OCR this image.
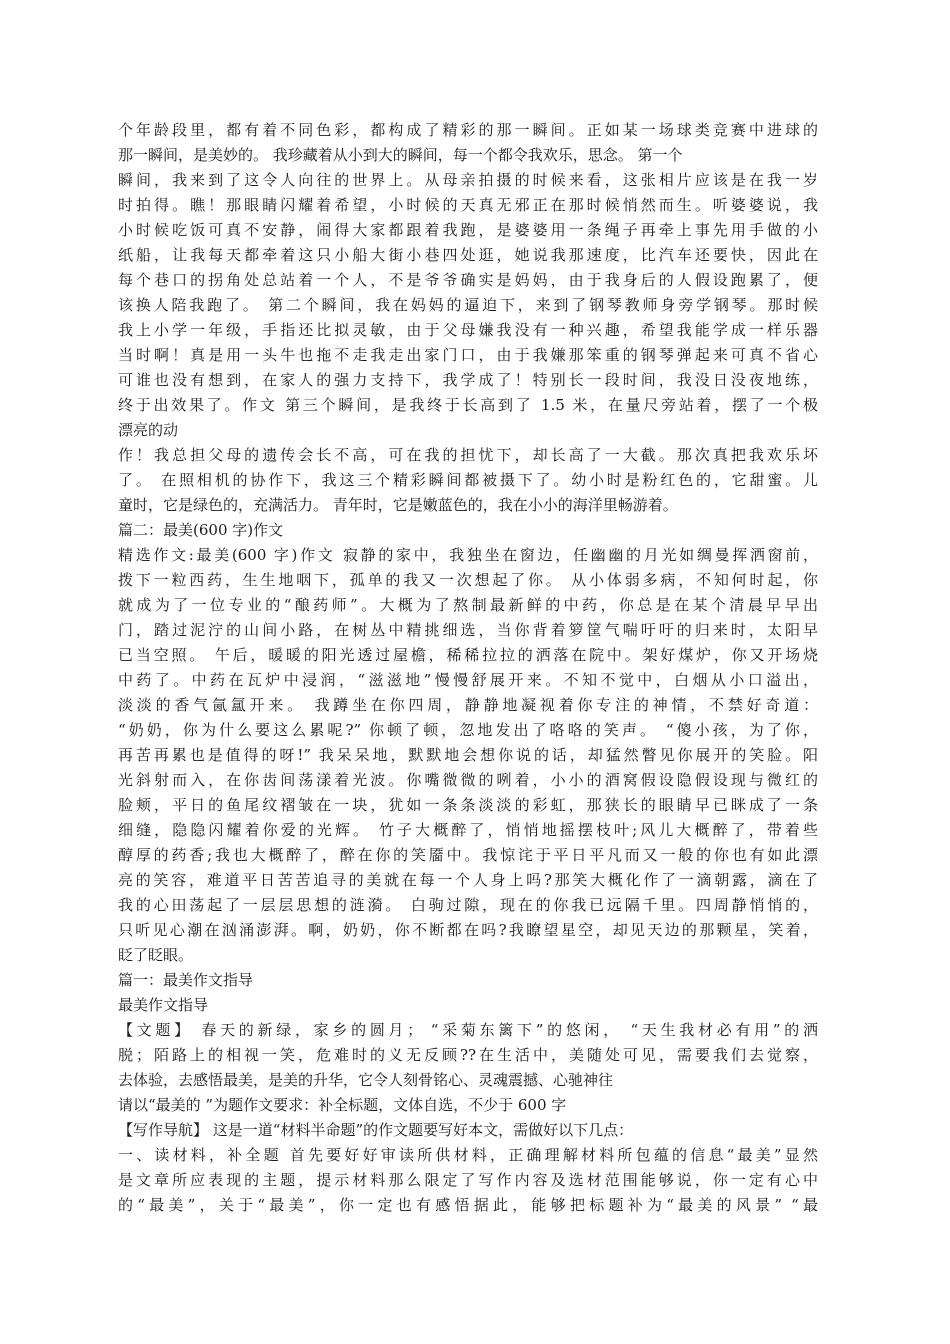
个年龄段里，都有着不同色彩，都构成了精彩的那一瞬间。正如某一场球类竞赛中进球的
那一瞬间，是美妙的。 我珍藏着从小到大的瞬间，每一个都令我欢乐，思念。 第一个
瞬间，我来到了这令人向往的世界上。从母亲拍摄的时候来看，这张相片应该是在我一岁
时拍得。瞧！那眼睛闪耀着希望，小时候的天真无邪正在那时候悄然而生。听婆婆说，我
小时候吃饭可真不安静，闹得大家都跟着我跑，是婆婆用一条绳子再牵上事先用手做的小
纸船，让我每天都牵着这只小船大街小巷四处逛，她说我那速度，比汽车还要快，因此在
每个巷口的拐角处总站着一个人，不是爷爷确实是妈妈，由于我身后的人假设跑累了，便
该换人陪我跑了。 第二个瞬间，我在妈妈的逼迫下，来到了钢琴教师身旁学钢琴。那时候
我上小学一年级，手指还比拟灵敏，由于父母嫌我没有一种兴趣，希望我能学成一样乐器
当时啊！真是用一头牛也拖不走我走出家门口，由于我嫌那笨重的钢琴弹起来可真不省心
可谁也没有想到，在家人的强力支持下，我学成了！特别长一段时间，我没日没夜地练，
终于出效果了。作文 第三个瞬间，是我终于长高到了 1.5 米，在量尺旁站着，摆了一个极
漂亮的动
作！我总担父母的遗传会长不高，可在我的担忧下，却长高了一大截。那次真把我欢乐坏
了。 在照相机的协作下，我这三个精彩瞬间都被摄下了。幼小时是粉红色的，它甜蜜。儿
童时，它是绿色的，充满活力。 青年时，它是嫩蓝色的，我在小小的海洋里畅游着。
篇二：最美(600 字)作文
精选作文:最美(600 字)作文 寂静的家中，我独坐在窗边，任幽幽的月光如绸曼挥洒窗前，
拨下一粒西药，生生地咽下，孤单的我又一次想起了你。 从小体弱多病，不知何时起，你
就成为了一位专业的“酿药师”。大概为了熬制最新鲜的中药，你总是在某个清晨早早出
门，踏过泥泞的山间小路，在树丛中精挑细选，当你背着箩筐气喘吁吁的归来时，太阳早
已当空照。 午后，暖暖的阳光透过屋檐，稀稀拉拉的洒落在院中。架好煤炉，你又开场烧
中药了。中药在瓦炉中浸润，“滋滋地”慢慢舒展开来。不知不觉中，白烟从小口溢出，
淡淡的香气氤氲开来。 我蹲坐在你四周，静静地凝视着你专注的神情，不禁好奇道：
“奶奶，你为什么要这么累呢?” 你顿了顿，忽地发出了咯咯的笑声。 “傻小孩，为了你，
再苦再累也是值得的呀!” 我呆呆地，默默地会想你说的话，却猛然瞥见你展开的笑脸。阳
光斜射而入，在你齿间荡漾着光波。你嘴微微的咧着，小小的酒窝假设隐假设现与微红的
脸颊，平日的鱼尾纹褶皱在一块，犹如一条条淡淡的彩虹，那狭长的眼睛早已眯成了一条
细缝，隐隐闪耀着你爱的光辉。 竹子大概醉了，悄悄地摇摆枝叶;风儿大概醉了，带着些
醇厚的药香;我也大概醉了，醉在你的笑靥中。我惊诧于平日平凡而又一般的你也有如此漂
亮的笑容，难道平日苦苦追寻的美就在每一个人身上吗?那笑大概化作了一滴朝露，滴在了
我的心田荡起了一层层思想的涟漪。 白驹过隙，现在的你我已远隔千里。四周静悄悄的，
只听见心潮在汹涌澎湃。啊，奶奶，你不断都在吗?我瞭望星空，却见天边的那颗星，笑着，
眨了眨眼。
篇一：最美作文指导
最美作文指导
【文题】 春天的新绿，家乡的圆月； “采菊东篱下”的悠闲， “天生我材必有用”的洒
脱；陌路上的相视一笑，危难时的义无反顾??在生活中，美随处可见，需要我们去觉察，
去体验，去感悟最美，是美的升华，它令人刻骨铭心、灵魂震撼、心驰神往
请以“最美的 ”为题作文要求：补全标题，文体自选，不少于 600 字
【写作导航】 这是一道“材料半命题”的作文题要写好本文，需做好以下几点：
一、读材料，补全题 首先要好好审读所供材料，正确理解材料所包蕴的信息“最美”显然
是文章所应表现的主题，提示材料那么限定了写作内容及选材范围能够说，你一定有心中
的“最美”，关于“最美”，你一定也有感悟据此，能够把标题补为“最美的风景” “最
